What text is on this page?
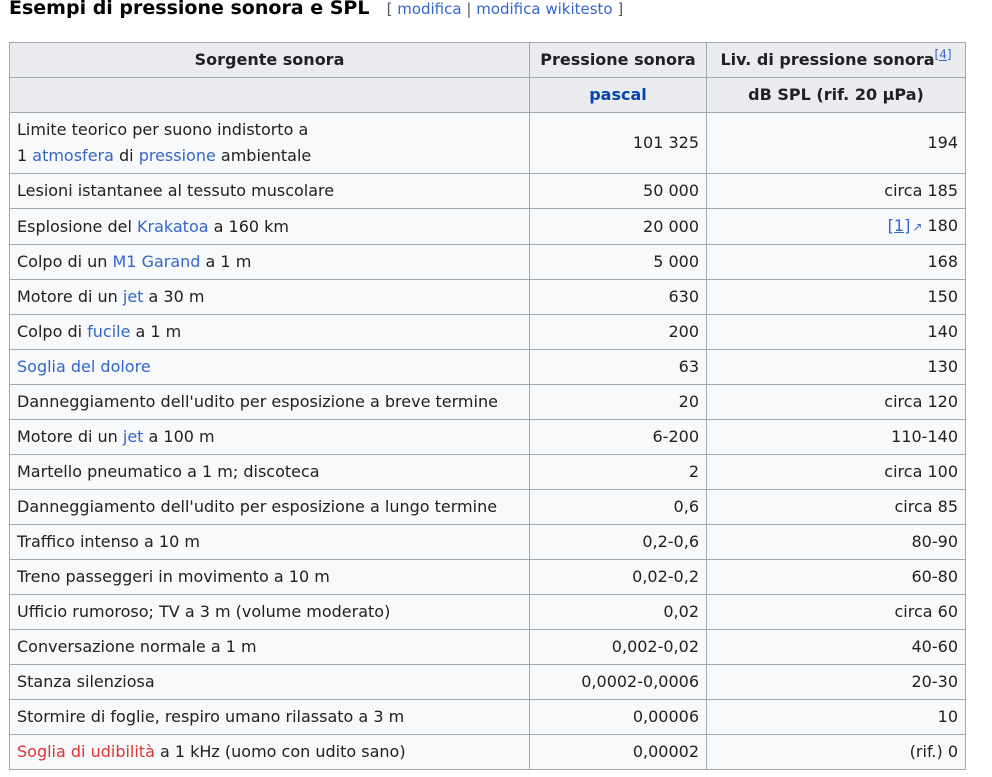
Esempi di pressione sonora e SPL [ modifica | modifica wikitesto ]
Sorgente sonora	Pressione sonora	Liv. di pressione sonora[4]
	pascal	dB SPL (rif. 20 μPa)
Limite teorico per suono indistorto a
1 atmosfera di pressione ambientale	101 325	194
Lesioni istantanee al tessuto muscolare	50 000	circa 185
Esplosione del Krakatoa a 160 km	20 000	[1] ↗ 180
Colpo di un M1 Garand a 1 m	5 000	168
Motore di un jet a 30 m	630	150
Colpo di fucile a 1 m	200	140
Soglia del dolore	63	130
Danneggiamento dell'udito per esposizione a breve termine	20	circa 120
Motore di un jet a 100 m	6-200	110-140
Martello pneumatico a 1 m; discoteca	2	circa 100
Danneggiamento dell'udito per esposizione a lungo termine	0,6	circa 85
Traffico intenso a 10 m	0,2-0,6	80-90
Treno passeggeri in movimento a 10 m	0,02-0,2	60-80
Ufficio rumoroso; TV a 3 m (volume moderato)	0,02	circa 60
Conversazione normale a 1 m	0,002-0,02	40-60
Stanza silenziosa	0,0002-0,0006	20-30
Stormire di foglie, respiro umano rilassato a 3 m	0,00006	10
Soglia di udibilità a 1 kHz (uomo con udito sano)	0,00002	(rif.) 0
